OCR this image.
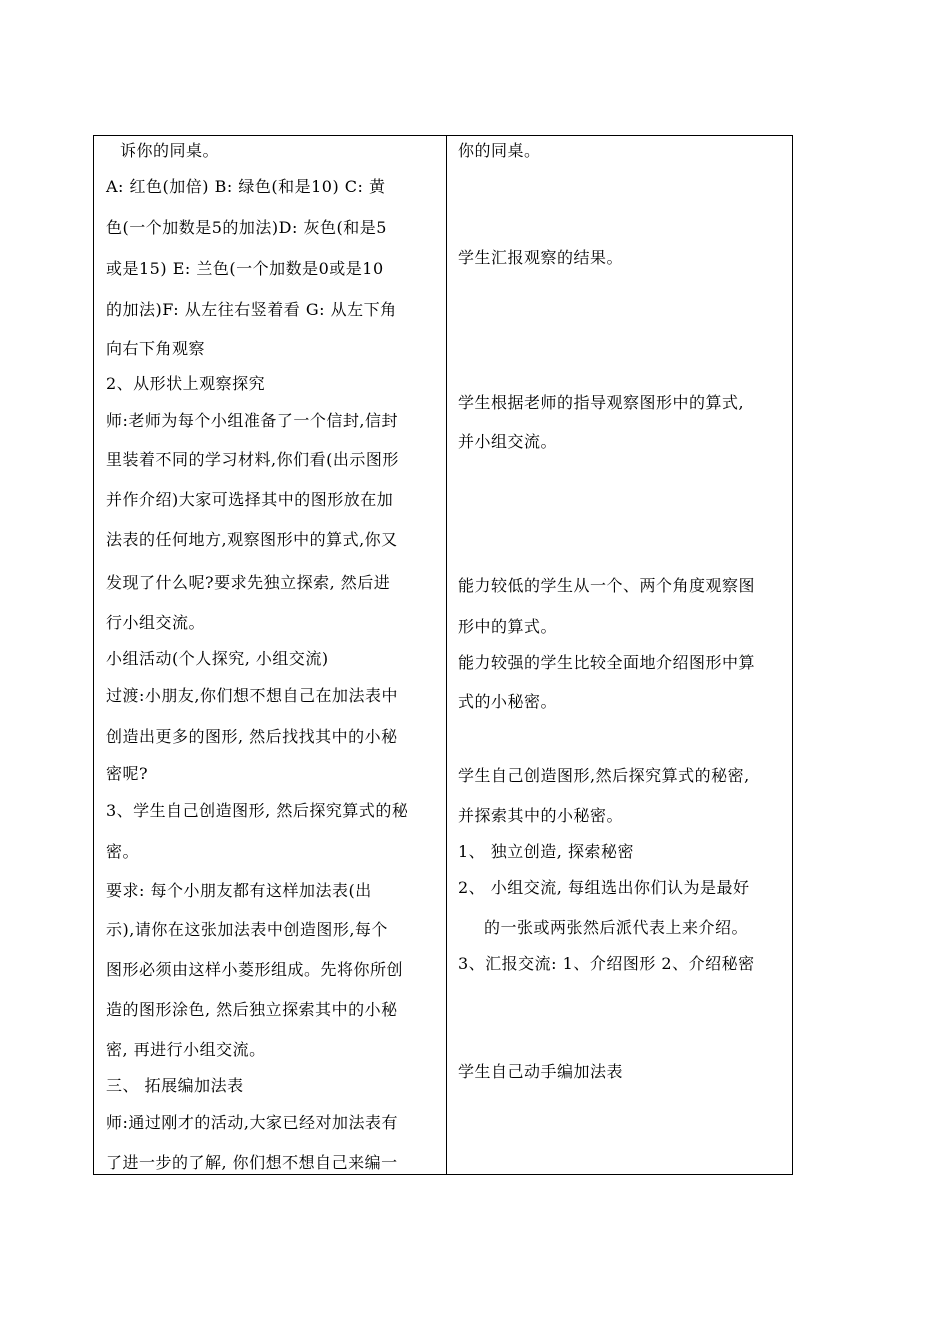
诉你的同桌。
A: 红色(加倍) B: 绿色(和是10) C: 黄
色(一个加数是5的加法)D: 灰色(和是5
或是15) E: 兰色(一个加数是0或是10
的加法)F: 从左往右竖着看 G: 从左下角
向右下角观察
2、从形状上观察探究
师:老师为每个小组准备了一个信封,信封
里装着不同的学习材料,你们看(出示图形
并作介绍)大家可选择其中的图形放在加
法表的任何地方,观察图形中的算式,你又
发现了什么呢?要求先独立探索, 然后进
行小组交流。
小组活动(个人探究, 小组交流)
过渡:小朋友,你们想不想自己在加法表中
创造出更多的图形, 然后找找其中的小秘
密呢?
3、学生自己创造图形, 然后探究算式的秘
密。
要求: 每个小朋友都有这样加法表(出
示),请你在这张加法表中创造图形,每个
图形必须由这样小菱形组成。先将你所创
造的图形涂色, 然后独立探索其中的小秘
密, 再进行小组交流。
三、 拓展编加法表
师:通过刚才的活动,大家已经对加法表有
了进一步的了解, 你们想不想自己来编一
你的同桌。
学生汇报观察的结果。
学生根据老师的指导观察图形中的算式,
并小组交流。
能力较低的学生从一个、两个角度观察图
形中的算式。
能力较强的学生比较全面地介绍图形中算
式的小秘密。
学生自己创造图形,然后探究算式的秘密,
并探索其中的小秘密。
1、 独立创造, 探索秘密
2、 小组交流, 每组选出你们认为是最好
的一张或两张然后派代表上来介绍。
3、汇报交流: 1、介绍图形 2、介绍秘密
学生自己动手编加法表
